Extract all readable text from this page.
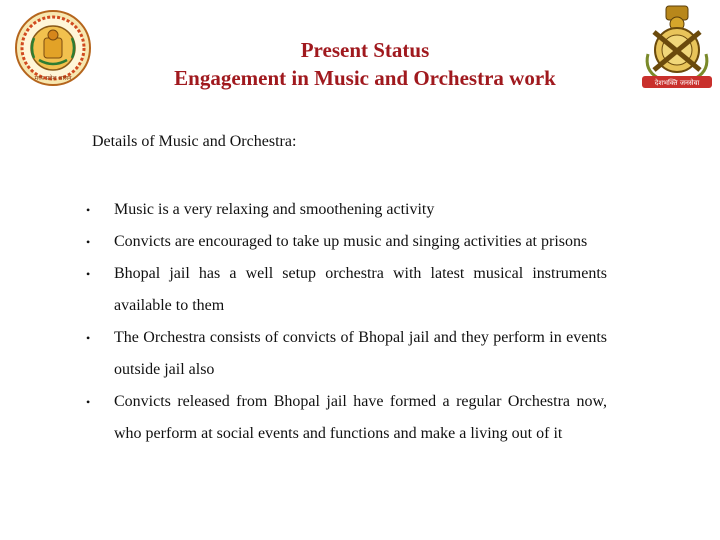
मध्य प्रदेश शासन
देशभक्ति जनसेवा
Present Status
Engagement in Music and Orchestra work
Details of Music and Orchestra:
• Music is a very relaxing and smoothening activity
• Convicts are encouraged to take up music and singing activities at prisons
• Bhopal jail has a well setup orchestra with latest musical instruments available to them
• The Orchestra consists of convicts of Bhopal jail and they perform in events outside jail also
• Convicts released from Bhopal jail have formed a regular Orchestra now, who perform at social events and functions and make a living out of it
